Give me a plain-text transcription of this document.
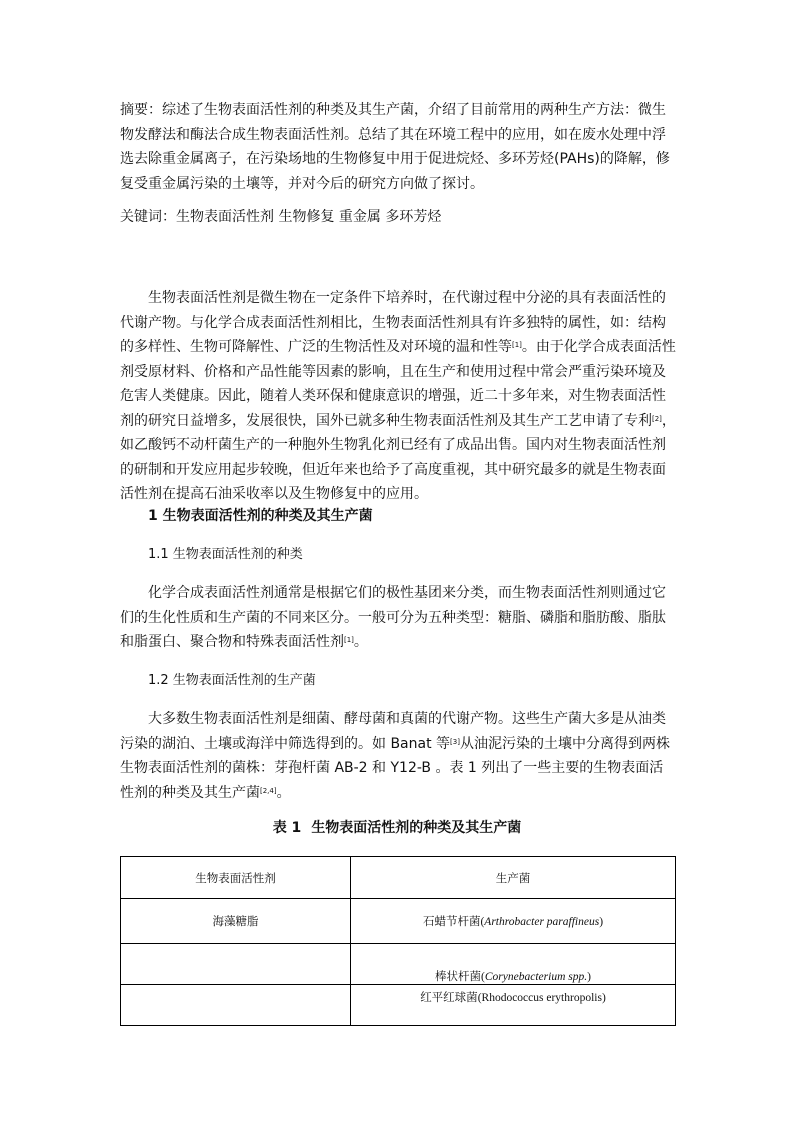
摘要：综述了生物表面活性剂的种类及其生产菌，介绍了目前常用的两种生产方法：微生物发酵法和酶法合成生物表面活性剂。总结了其在环境工程中的应用，如在废水处理中浮选去除重金属离子，在污染场地的生物修复中用于促进烷烃、多环芳烃(PAHs)的降解，修复受重金属污染的土壤等，并对今后的研究方向做了探讨。

关键词：生物表面活性剂 生物修复 重金属 多环芳烃

生物表面活性剂是微生物在一定条件下培养时，在代谢过程中分泌的具有表面活性的代谢产物。与化学合成表面活性剂相比，生物表面活性剂具有许多独特的属性，如：结构的多样性、生物可降解性、广泛的生物活性及对环境的温和性等[1]。由于化学合成表面活性剂受原材料、价格和产品性能等因素的影响，且在生产和使用过程中常会严重污染环境及危害人类健康。因此，随着人类环保和健康意识的增强，近二十多年来，对生物表面活性剂的研究日益增多，发展很快，国外已就多种生物表面活性剂及其生产工艺申请了专利[2]，如乙酸钙不动杆菌生产的一种胞外生物乳化剂已经有了成品出售。国内对生物表面活性剂的研制和开发应用起步较晚，但近年来也给予了高度重视，其中研究最多的就是生物表面活性剂在提高石油采收率以及生物修复中的应用。

1 生物表面活性剂的种类及其生产菌
1.1 生物表面活性剂的种类

化学合成表面活性剂通常是根据它们的极性基团来分类，而生物表面活性剂则通过它们的生化性质和生产菌的不同来区分。一般可分为五种类型：糖脂、磷脂和脂肪酸、脂肽和脂蛋白、聚合物和特殊表面活性剂[1]。

1.2 生物表面活性剂的生产菌

大多数生物表面活性剂是细菌、酵母菌和真菌的代谢产物。这些生产菌大多是从油类污染的湖泊、土壤或海洋中筛选得到的。如 Banat 等[3]从油泥污染的土壤中分离得到两株生物表面活性剂的菌株：芽孢杆菌 AB-2 和 Y12-B 。表 1 列出了一些主要的生物表面活性剂的种类及其生产菌[2,4]。

表 1 生物表面活性剂的种类及其生产菌
生物表面活性剂	生产菌
海藻糖脂	石蜡节杆菌(Arthrobacter paraffineus)

	棒状杆菌(Corynebacterium spp.)

	红平红球菌(Rhodococcus erythropolis)
